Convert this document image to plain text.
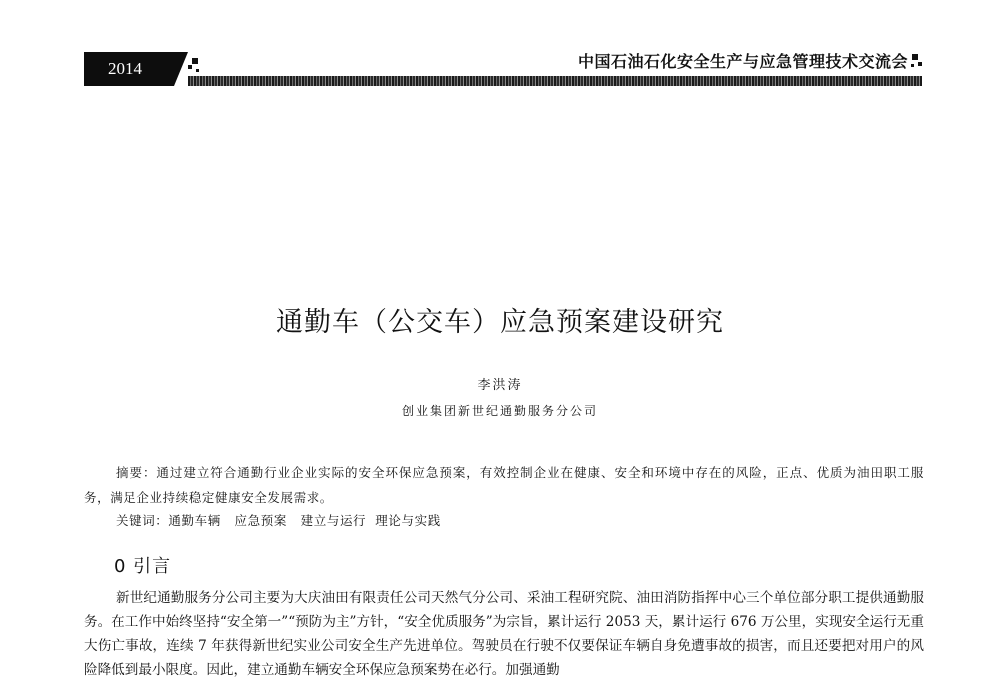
2014	中国石油石化安全生产与应急管理技术交流会
通勤车（公交车）应急预案建设研究
李洪涛
创业集团新世纪通勤服务分公司
摘要：通过建立符合通勤行业企业实际的安全环保应急预案，有效控制企业在健康、安全和环境中存在的风险，正点、优质为油田职工服务，满足企业持续稳定健康安全发展需求。
关键词：通勤车辆   应急预案   建立与运行  理论与实践
0 引言
新世纪通勤服务分公司主要为大庆油田有限责任公司天然气分公司、采油工程研究院、油田消防指挥中心三个单位部分职工提供通勤服务。在工作中始终坚持“安全第一”“预防为主”方针，“安全优质服务”为宗旨，累计运行 2053 天，累计运行 676 万公里，实现安全运行无重大伤亡事故，连续 7 年获得新世纪实业公司安全生产先进单位。驾驶员在行驶不仅要保证车辆自身免遭事故的损害，而且还要把对用户的风险降低到最小限度。因此，建立通勤车辆安全环保应急预案势在必行。加强通勤
